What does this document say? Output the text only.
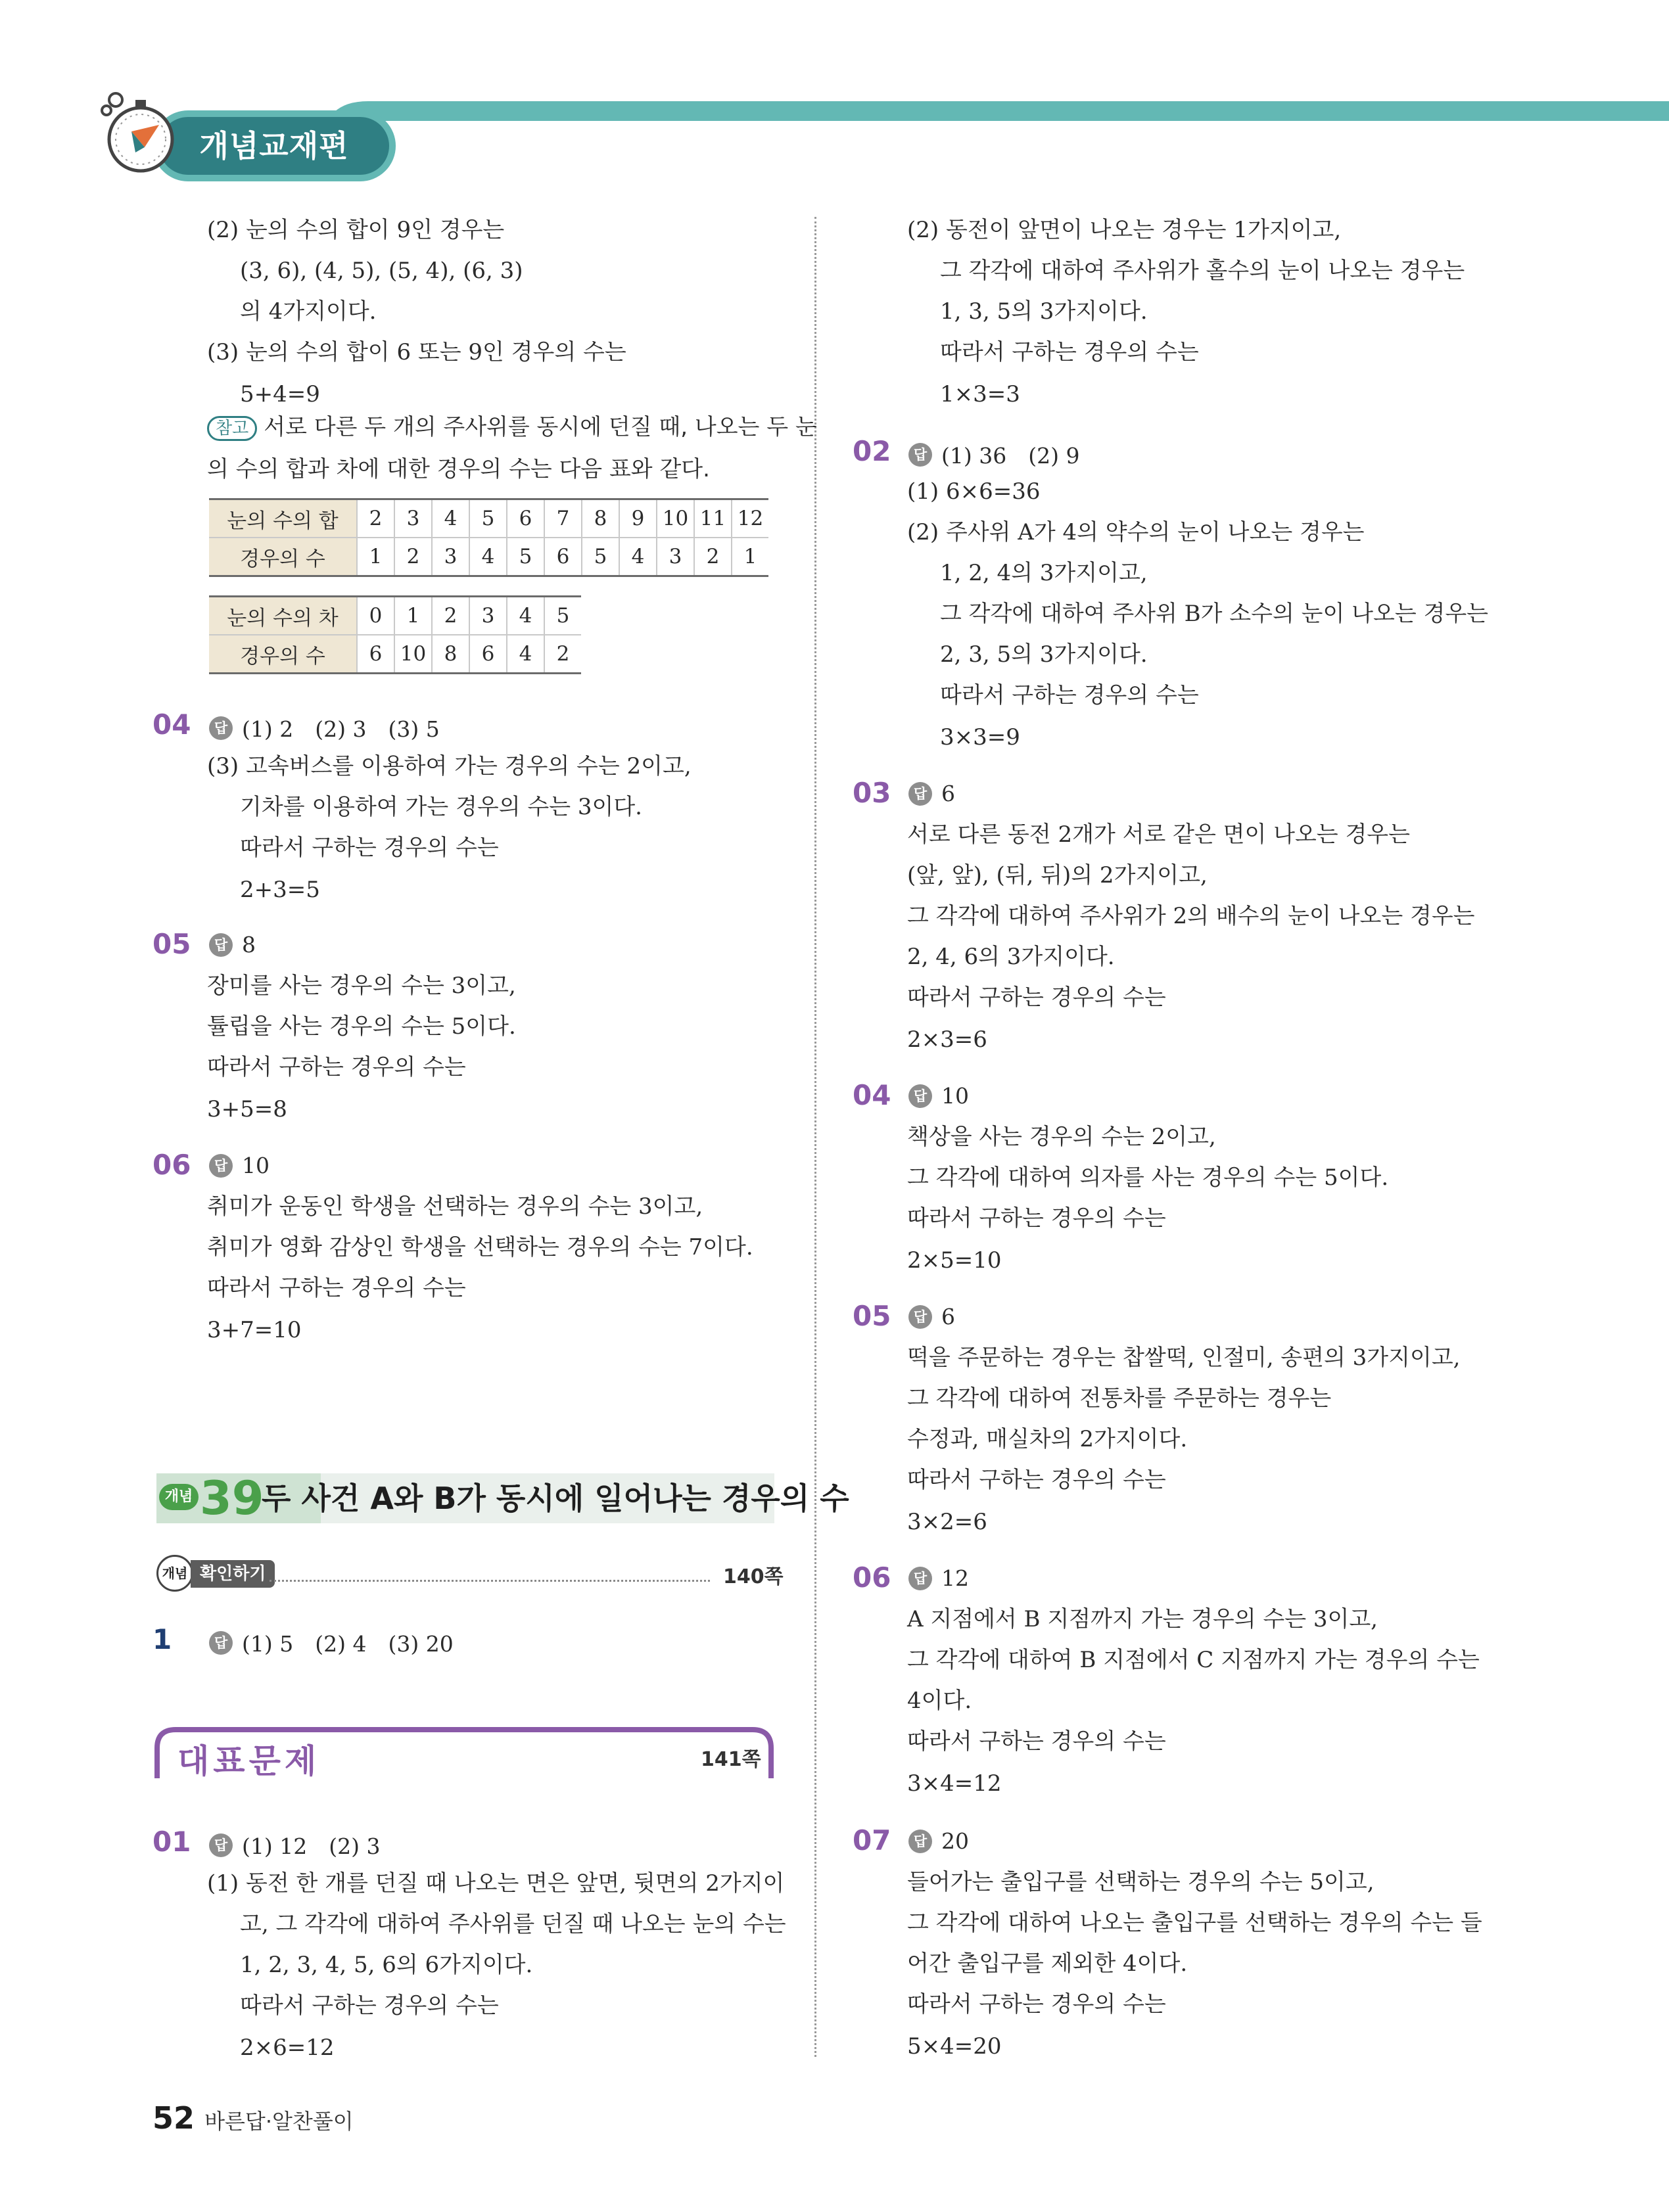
개념교재편
(2) 눈의 수의 합이 9인 경우는
(3, 6), (4, 5), (5, 4), (6, 3)
의 4가지이다.
(3) 눈의 수의 합이 6 또는 9인 경우의 수는
5+4=9
참고 서로 다른 두 개의 주사위를 동시에 던질 때, 나오는 두 눈
의 수의 합과 차에 대한 경우의 수는 다음 표와 같다.
눈의 수의 합	2	3	4	5	6	7	8	9	10	11	12
경우의 수	1	2	3	4	5	6	5	4	3	2	1
눈의 수의 차	0	1	2	3	4	5
경우의 수	6	10	8	6	4	2
04	답 (1) 2　(2) 3　(3) 5
(3) 고속버스를 이용하여 가는 경우의 수는 2이고,
기차를 이용하여 가는 경우의 수는 3이다.
따라서 구하는 경우의 수는
2+3=5
05	답 8
장미를 사는 경우의 수는 3이고,
튤립을 사는 경우의 수는 5이다.
따라서 구하는 경우의 수는
3+5=8
06	답 10
취미가 운동인 학생을 선택하는 경우의 수는 3이고,
취미가 영화 감상인 학생을 선택하는 경우의 수는 7이다.
따라서 구하는 경우의 수는
3+7=10
개념 39
두 사건 A와 B가 동시에 일어나는 경우의 수
개념 확인하기	140쪽
1	답 (1) 5　(2) 4　(3) 20
대표문제	141쪽
01	답 (1) 12　(2) 3
(1) 동전 한 개를 던질 때 나오는 면은 앞면, 뒷면의 2가지이
고, 그 각각에 대하여 주사위를 던질 때 나오는 눈의 수는
1, 2, 3, 4, 5, 6의 6가지이다.
따라서 구하는 경우의 수는
2×6=12
(2) 동전이 앞면이 나오는 경우는 1가지이고,
그 각각에 대하여 주사위가 홀수의 눈이 나오는 경우는
1, 3, 5의 3가지이다.
따라서 구하는 경우의 수는
1×3=3
02	답 (1) 36　(2) 9
(1) 6×6=36
(2) 주사위 A가 4의 약수의 눈이 나오는 경우는
1, 2, 4의 3가지이고,
그 각각에 대하여 주사위 B가 소수의 눈이 나오는 경우는
2, 3, 5의 3가지이다.
따라서 구하는 경우의 수는
3×3=9
03	답 6
서로 다른 동전 2개가 서로 같은 면이 나오는 경우는
(앞, 앞), (뒤, 뒤)의 2가지이고,
그 각각에 대하여 주사위가 2의 배수의 눈이 나오는 경우는
2, 4, 6의 3가지이다.
따라서 구하는 경우의 수는
2×3=6
04	답 10
책상을 사는 경우의 수는 2이고,
그 각각에 대하여 의자를 사는 경우의 수는 5이다.
따라서 구하는 경우의 수는
2×5=10
05	답 6
떡을 주문하는 경우는 찹쌀떡, 인절미, 송편의 3가지이고,
그 각각에 대하여 전통차를 주문하는 경우는
수정과, 매실차의 2가지이다.
따라서 구하는 경우의 수는
3×2=6
06	답 12
A 지점에서 B 지점까지 가는 경우의 수는 3이고,
그 각각에 대하여 B 지점에서 C 지점까지 가는 경우의 수는
4이다.
따라서 구하는 경우의 수는
3×4=12
07	답 20
들어가는 출입구를 선택하는 경우의 수는 5이고,
그 각각에 대하여 나오는 출입구를 선택하는 경우의 수는 들
어간 출입구를 제외한 4이다.
따라서 구하는 경우의 수는
5×4=20
52 바른답·알찬풀이
